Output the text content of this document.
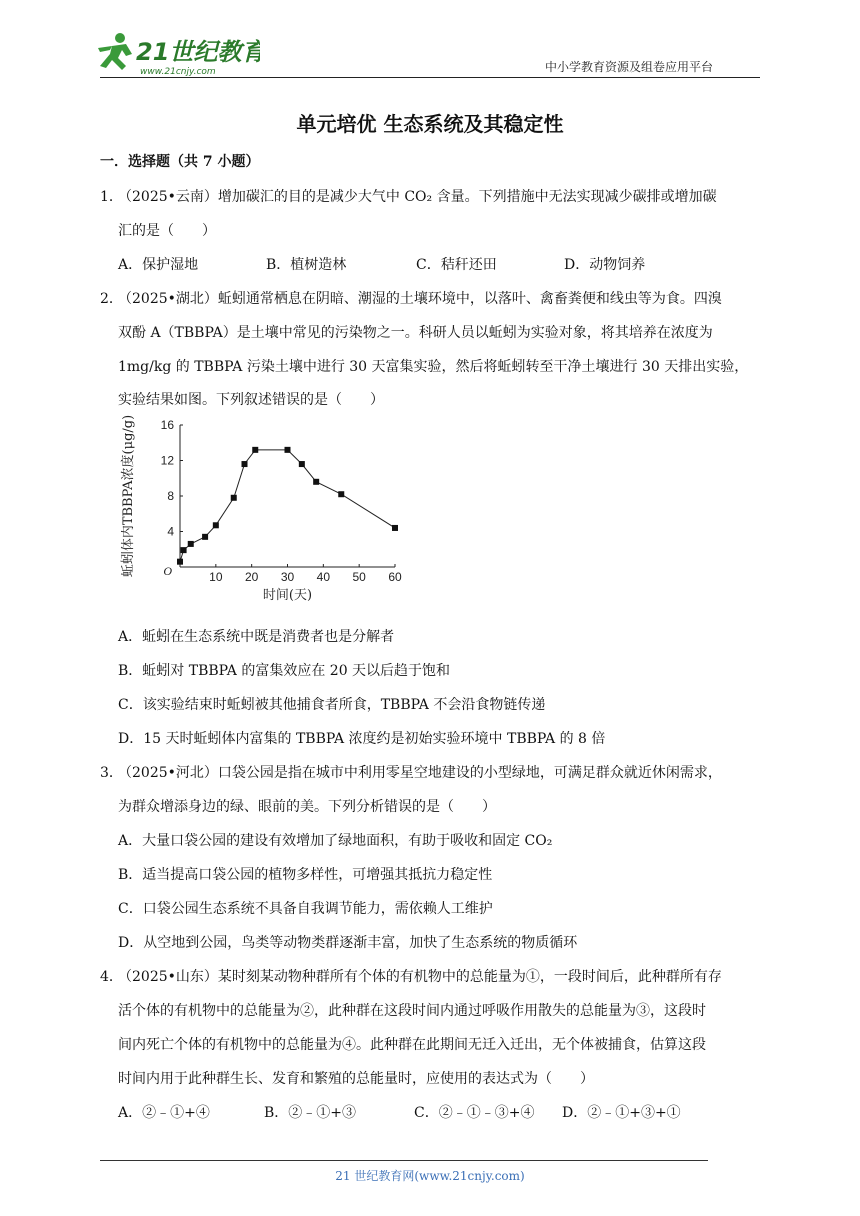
21世纪教育
www.21cnjy.com	中小学教育资源及组卷应用平台
单元培优 生态系统及其稳定性
一．选择题（共 7 小题）
1．
（2025•云南）增加碳汇的目的是减少大气中 CO₂ 含量。下列措施中无法实现减少碳排或增加碳
汇的是（　　）
A．保护湿地	B．植树造林	C．秸秆还田	D．动物饲养
2．
（2025•湖北）蚯蚓通常栖息在阴暗、潮湿的土壤环境中，以落叶、禽畜粪便和线虫等为食。四溴
双酚 A（TBBPA）是土壤中常见的污染物之一。科研人员以蚯蚓为实验对象，将其培养在浓度为
1mg/kg 的 TBBPA 污染土壤中进行 30 天富集实验，然后将蚯蚓转至干净土壤进行 30 天排出实验，
实验结果如图。下列叙述错误的是（　　）
10 20 30 40 50 60
4
8
12
16
O
时间(天)
蚯蚓体内TBBPA浓度(μg/g)
A．蚯蚓在生态系统中既是消费者也是分解者
B．蚯蚓对 TBBPA 的富集效应在 20 天以后趋于饱和
C．该实验结束时蚯蚓被其他捕食者所食，TBBPA 不会沿食物链传递
D．15 天时蚯蚓体内富集的 TBBPA 浓度约是初始实验环境中 TBBPA 的 8 倍
3．
（2025•河北）口袋公园是指在城市中利用零星空地建设的小型绿地，可满足群众就近休闲需求，
为群众增添身边的绿、眼前的美。下列分析错误的是（　　）
A．大量口袋公园的建设有效增加了绿地面积，有助于吸收和固定 CO₂
B．适当提高口袋公园的植物多样性，可增强其抵抗力稳定性
C．口袋公园生态系统不具备自我调节能力，需依赖人工维护
D．从空地到公园，鸟类等动物类群逐渐丰富，加快了生态系统的物质循环
4．
（2025•山东）某时刻某动物种群所有个体的有机物中的总能量为①，一段时间后，此种群所有存
活个体的有机物中的总能量为②，此种群在这段时间内通过呼吸作用散失的总能量为③，这段时
间内死亡个体的有机物中的总能量为④。此种群在此期间无迁入迁出，无个体被捕食，估算这段
时间内用于此种群生长、发育和繁殖的总能量时，应使用的表达式为（　　）
A．②﹣①+④	B．②﹣①+③	C．②﹣①﹣③+④ D．②﹣①+③+①
21 世纪教育网(www.21cnjy.com)
